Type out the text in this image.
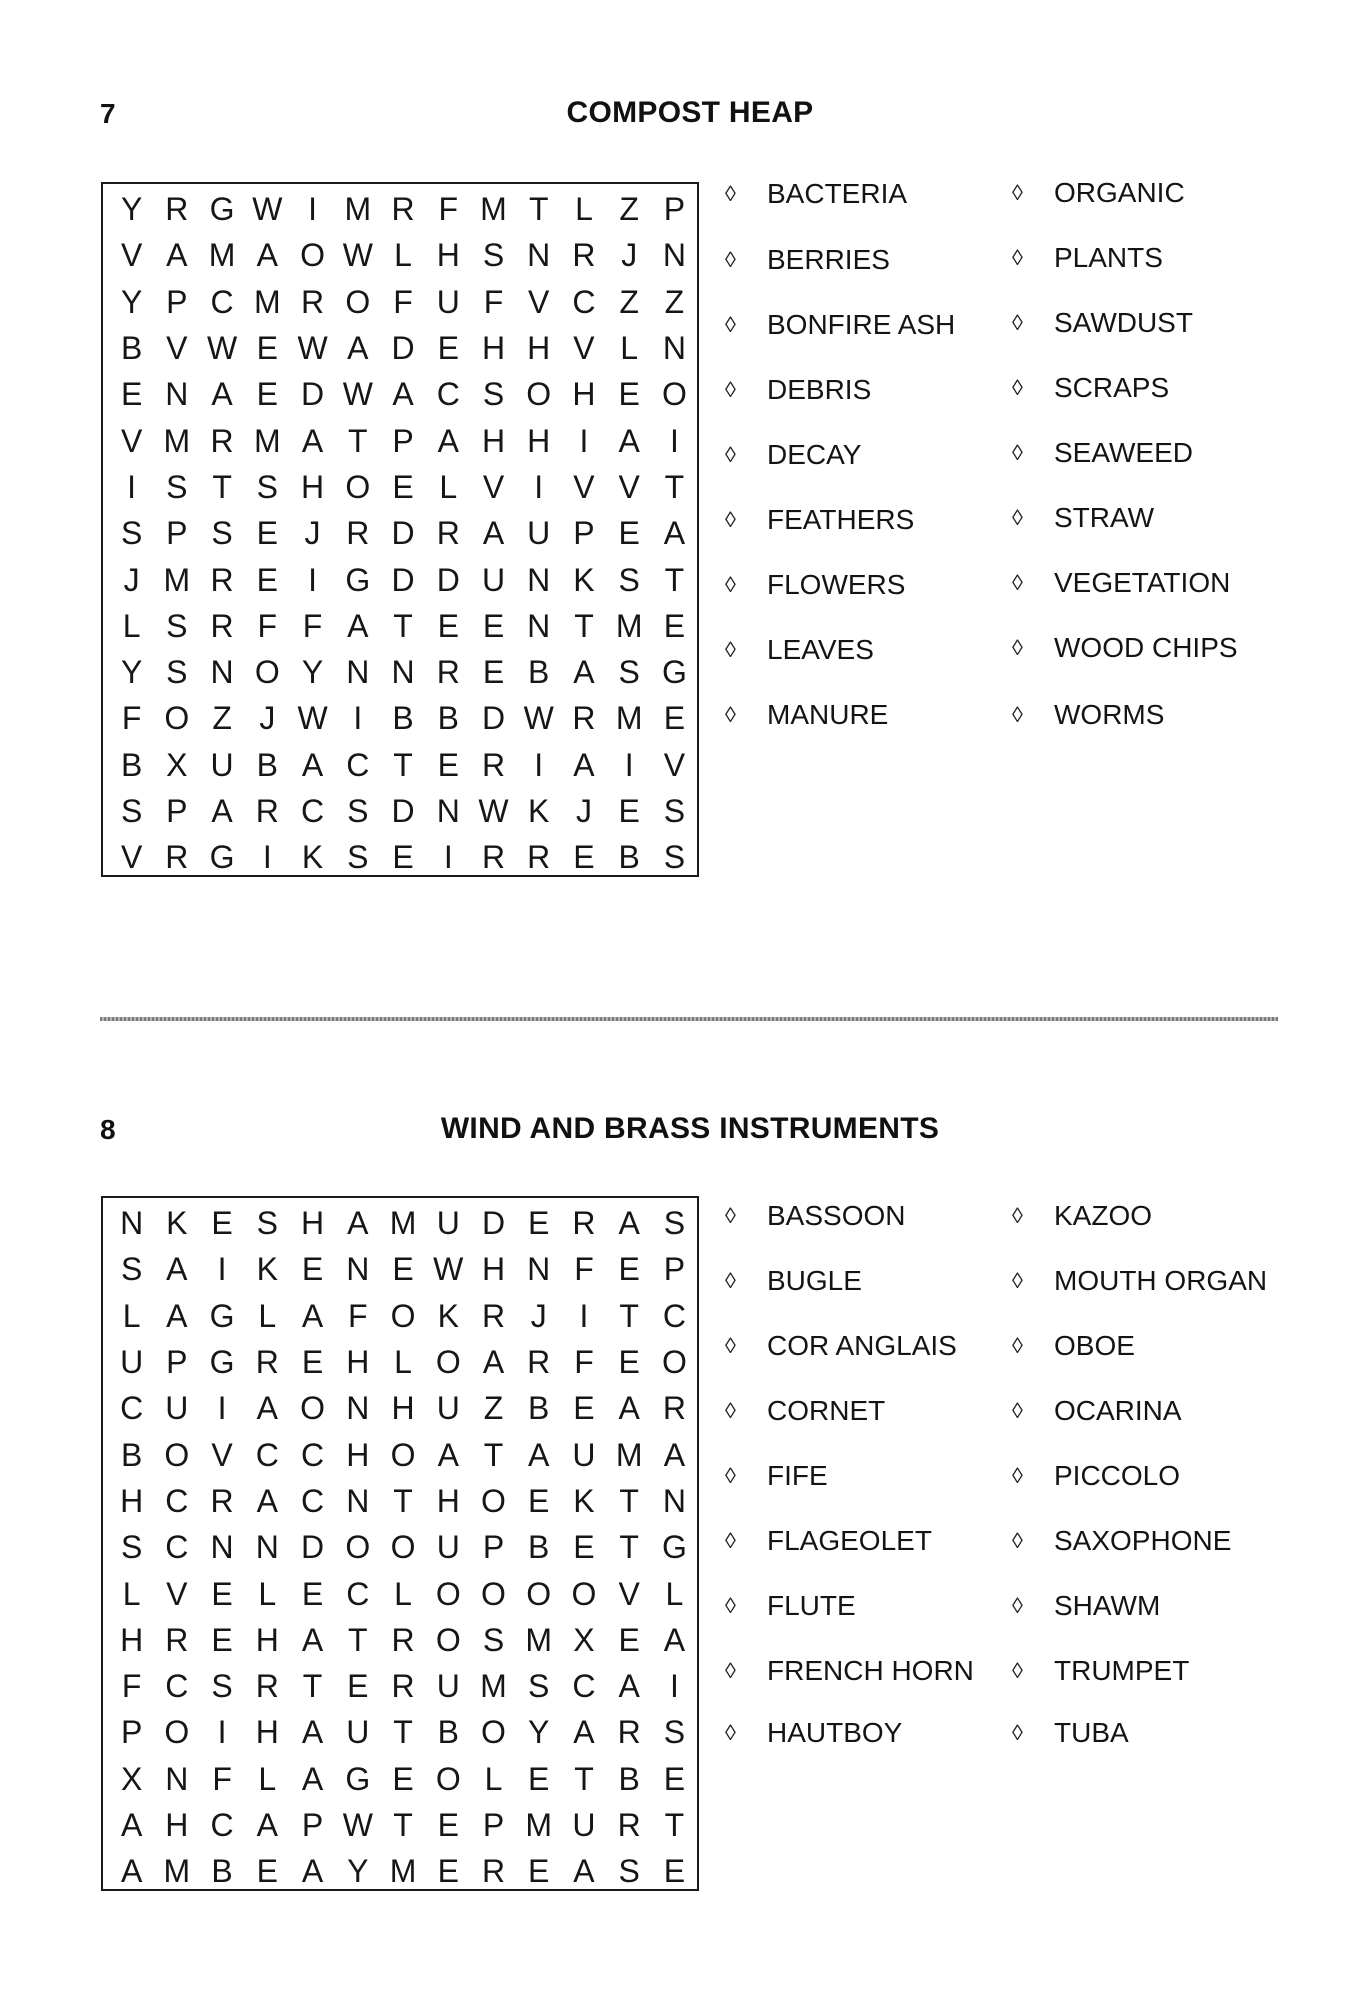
7	COMPOST HEAP
Y R G W I M R F M T L Z P
V A M A O W L H S N R J N
Y P C M R O F U F V C Z Z
B V W E W A D E H H V L N
E N A E D W A C S O H E O
V M R M A T P A H H I A I
I S T S H O E L V I V V T
S P S E J R D R A U P E A
J M R E I G D D U N K S T
L S R F F A T E E N T M E
Y S N O Y N N R E B A S G
F O Z J W I B B D W R M E
B X U B A C T E R I A I V
S P A R C S D N W K J E S
V R G I K S E I R R E B S
◊	BACTERIA
◊	BERRIES
◊	BONFIRE ASH
◊	DEBRIS
◊	DECAY
◊	FEATHERS
◊	FLOWERS
◊	LEAVES
◊	MANURE
◊	ORGANIC
◊	PLANTS
◊	SAWDUST
◊	SCRAPS
◊	SEAWEED
◊	STRAW
◊	VEGETATION
◊	WOOD CHIPS
◊	WORMS
8	WIND AND BRASS INSTRUMENTS
N K E S H A M U D E R A S
S A I K E N E W H N F E P
L A G L A F O K R J	I T C
U P G R E H L O A R F E O
C U I A O N H U Z B E A R
B O V C C H O A T A U M A
H C R A C N T H O E K T N
S C N N D O O U P B E T G
L V E L E C L O O O O V L
H R E H A T R O S M X E A
F C S R T E R U M S C A I
P O I H A U T B O Y A R S
X N F L A G E O L E T B E
A H C A P W T E P M U R T
A M B E A Y M E R E A S E
◊	BASSOON
◊	BUGLE
◊	COR ANGLAIS
◊	CORNET
◊	FIFE
◊	FLAGEOLET
◊	FLUTE
◊	FRENCH HORN
◊	HAUTBOY
◊	KAZOO
◊	MOUTH ORGAN
◊	OBOE
◊	OCARINA
◊	PICCOLO
◊	SAXOPHONE
◊	SHAWM
◊	TRUMPET
◊	TUBA
